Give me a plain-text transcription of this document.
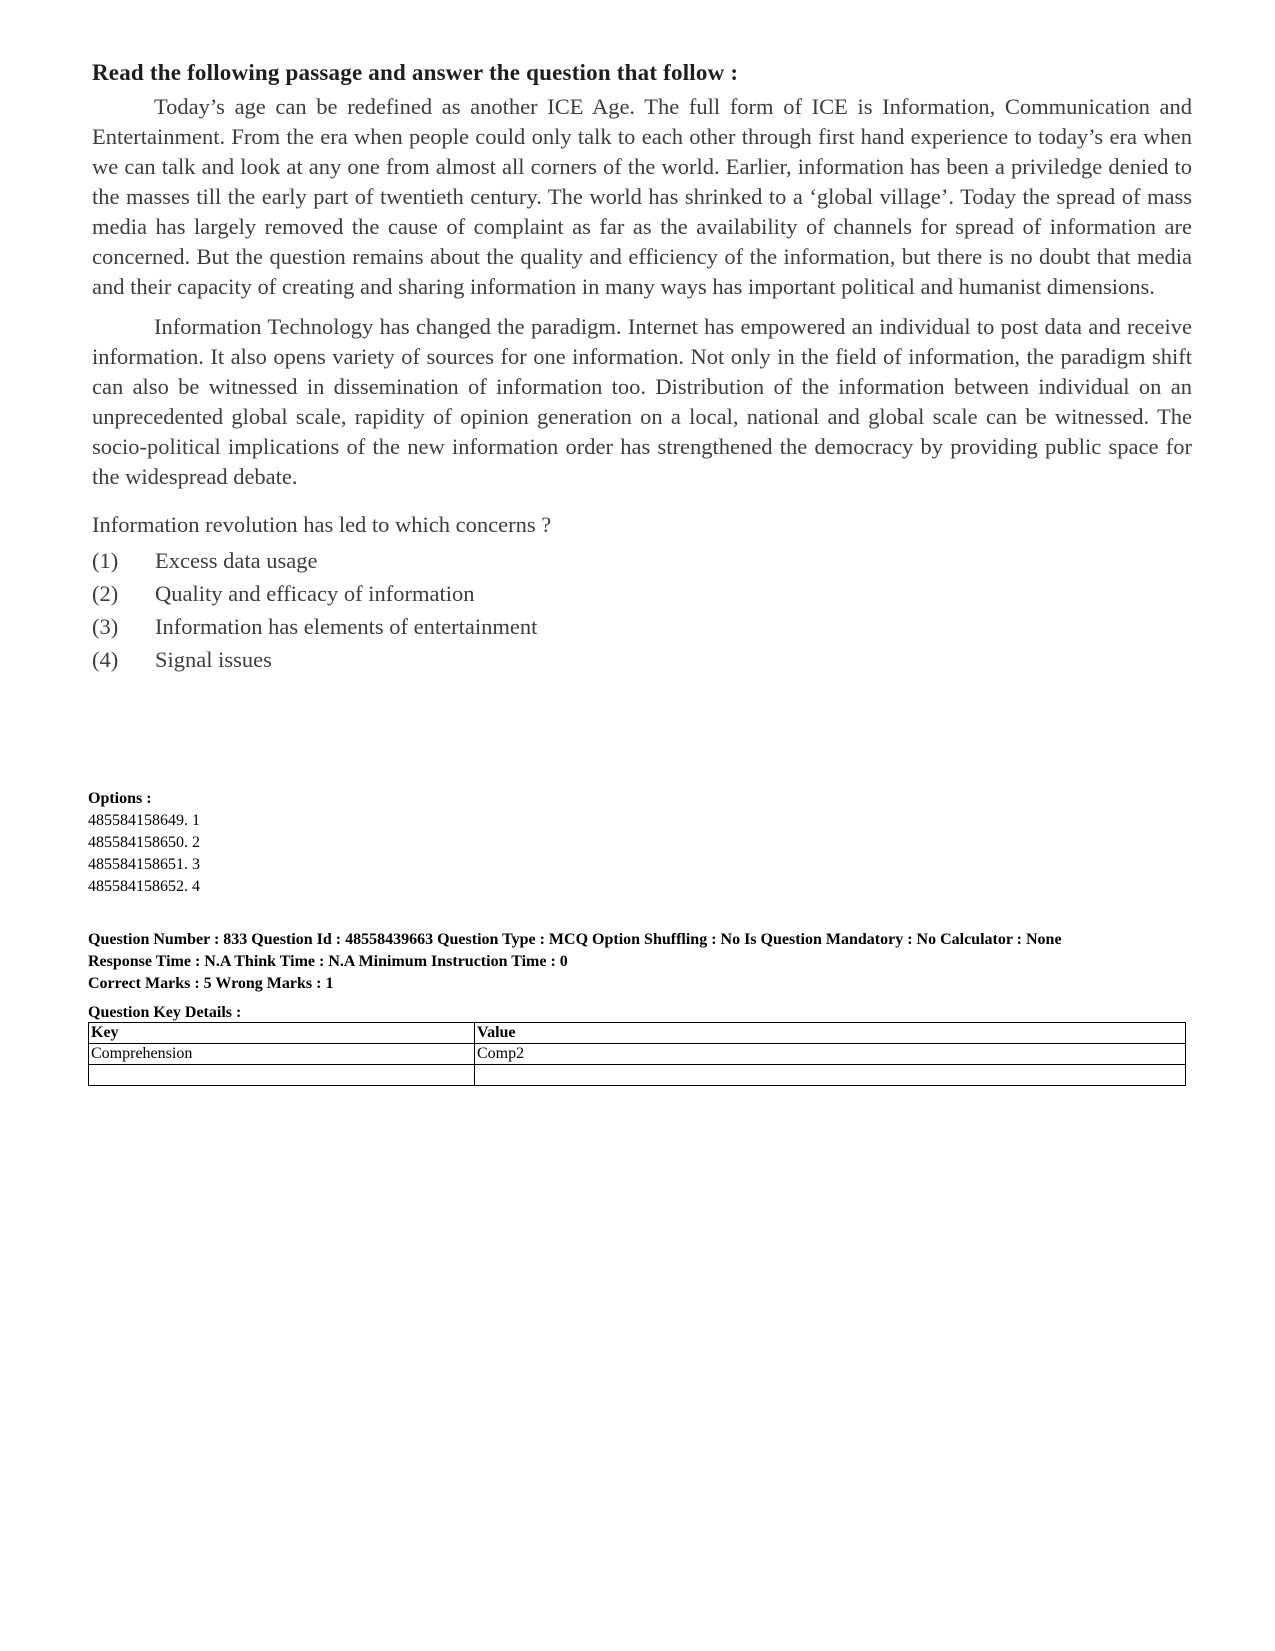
Read the following passage and answer the question that follow :

Today’s age can be redefined as another ICE Age. The full form of ICE is Information, Communication and Entertainment. From the era when people could only talk to each other through first hand experience to today’s era when we can talk and look at any one from almost all corners of the world. Earlier, information has been a priviledge denied to the masses till the early part of twentieth century. The world has shrinked to a ‘global village’. Today the spread of mass media has largely removed the cause of complaint as far as the availability of channels for spread of information are concerned. But the question remains about the quality and efficiency of the information, but there is no doubt that media and their capacity of creating and sharing information in many ways has important political and humanist dimensions.

Information Technology has changed the paradigm. Internet has empowered an individual to post data and receive information. It also opens variety of sources for one information. Not only in the field of information, the paradigm shift can also be witnessed in dissemination of information too. Distribution of the information between individual on an unprecedented global scale, rapidity of opinion generation on a local, national and global scale can be witnessed. The socio-political implications of the new information order has strengthened the democracy by providing public space for the widespread debate.

Information revolution has led to which concerns ?
(1)	Excess data usage
(2)	Quality and efficacy of information
(3)	Information has elements of entertainment
(4)	Signal issues
Options :
485584158649. 1
485584158650. 2
485584158651. 3
485584158652. 4
Question Number : 833 Question Id : 48558439663 Question Type : MCQ Option Shuffling : No Is Question Mandatory : No Calculator : None
Response Time : N.A Think Time : N.A Minimum Instruction Time : 0
Correct Marks : 5 Wrong Marks : 1
Question Key Details :
Key	Value
Comprehension	Comp2
